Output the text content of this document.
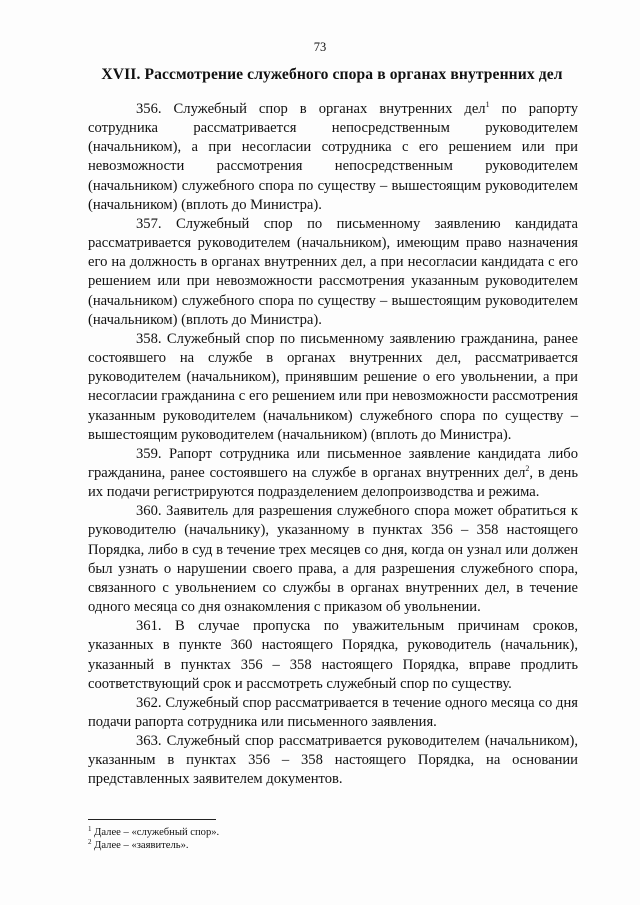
73
XVII. Рассмотрение служебного спора в органах внутренних дел

356. Служебный спор в органах внутренних дел$^1$ по рапорту сотрудника рассматривается непосредственным руководителем (начальником), а при несогласии сотрудника с его решением или при невозможности рассмотрения непосредственным руководителем (начальником) служебного спора по существу – вышестоящим руководителем (начальником) (вплоть до Министра).

357. Служебный спор по письменному заявлению кандидата рассматривается руководителем (начальником), имеющим право назначения его на должность в органах внутренних дел, а при несогласии кандидата с его решением или при невозможности рассмотрения указанным руководителем (начальником) служебного спора по существу – вышестоящим руководителем (начальником) (вплоть до Министра).

358. Служебный спор по письменному заявлению гражданина, ранее состоявшего на службе в органах внутренних дел, рассматривается руководителем (начальником), принявшим решение о его увольнении, а при несогласии гражданина с его решением или при невозможности рассмотрения указанным руководителем (начальником) служебного спора по существу – вышестоящим руководителем (начальником) (вплоть до Министра).

359. Рапорт сотрудника или письменное заявление кандидата либо гражданина, ранее состоявшего на службе в органах внутренних дел$^2$, в день их подачи регистрируются подразделением делопроизводства и режима.

360. Заявитель для разрешения служебного спора может обратиться к руководителю (начальнику), указанному в пунктах 356 – 358 настоящего Порядка, либо в суд в течение трех месяцев со дня, когда он узнал или должен был узнать о нарушении своего права, а для разрешения служебного спора, связанного с увольнением со службы в органах внутренних дел, в течение одного месяца со дня ознакомления с приказом об увольнении.

361. В случае пропуска по уважительным причинам сроков, указанных в пункте 360 настоящего Порядка, руководитель (начальник), указанный в пунктах 356 – 358 настоящего Порядка, вправе продлить соответствующий срок и рассмотреть служебный спор по существу.

362. Служебный спор рассматривается в течение одного месяца со дня подачи рапорта сотрудника или письменного заявления.

363. Служебный спор рассматривается руководителем (начальником), указанным в пунктах 356 – 358 настоящего Порядка, на основании представленных заявителем документов.

$^1$ Далее – «служебный спор».

$^2$ Далее – «заявитель».
